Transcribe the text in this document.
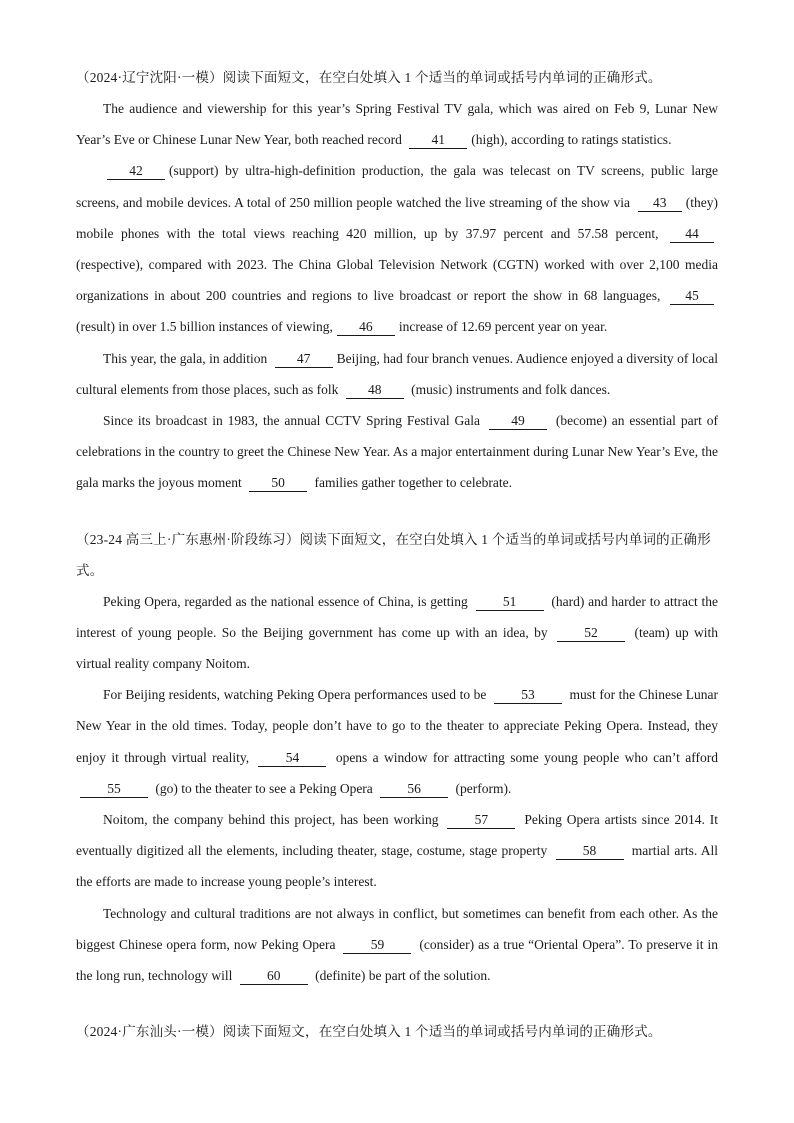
（2024·辽宁沈阳·一模）阅读下面短文，在空白处填入 1 个适当的单词或括号内单词的正确形式。

The audience and viewership for this year’s Spring Festival TV gala, which was aired on Feb 9, Lunar New Year’s Eve or Chinese Lunar New Year, both reached record 41 (high), according to ratings statistics.

42 (support) by ultra-high-definition production, the gala was telecast on TV screens, public large screens, and mobile devices. A total of 250 million people watched the live streaming of the show via 43 (they) mobile phones with the total views reaching 420 million, up by 37.97 percent and 57.58 percent, 44(respective), compared with 2023. The China Global Television Network (CGTN) worked with over 2,100 media organizations in about 200 countries and regions to live broadcast or report the show in 68 languages, 45(result) in over 1.5 billion instances of viewing, 46 increase of 12.69 percent year on year.

This year, the gala, in addition 47 Beijing, had four branch venues. Audience enjoyed a diversity of local cultural elements from those places, such as folk 48 (music) instruments and folk dances.

Since its broadcast in 1983, the annual CCTV Spring Festival Gala 49 (become) an essential part of celebrations in the country to greet the Chinese New Year. As a major entertainment during Lunar New Year’s Eve, the gala marks the joyous moment 50 families gather together to celebrate.

（23-24 高三上·广东惠州·阶段练习）阅读下面短文，在空白处填入 1 个适当的单词或括号内单词的正确形式。

Peking Opera, regarded as the national essence of China, is getting 51 (hard) and harder to attract the interest of young people. So the Beijing government has come up with an idea, by 52 (team) up with virtual reality company Noitom.

For Beijing residents, watching Peking Opera performances used to be 53 must for the Chinese Lunar New Year in the old times. Today, people don’t have to go to the theater to appreciate Peking Opera. Instead, they enjoy it through virtual reality, 54 opens a window for attracting some young people who can’t afford 55 (go) to the theater to see a Peking Opera 56 (perform).

Noitom, the company behind this project, has been working 57 Peking Opera artists since 2014. It eventually digitized all the elements, including theater, stage, costume, stage property 58 martial arts. All the efforts are made to increase young people’s interest.

Technology and cultural traditions are not always in conflict, but sometimes can benefit from each other. As the biggest Chinese opera form, now Peking Opera 59 (consider) as a true “Oriental Opera”. To preserve it in the long run, technology will 60 (definite) be part of the solution.

（2024·广东汕头·一模）阅读下面短文，在空白处填入 1 个适当的单词或括号内单词的正确形式。
